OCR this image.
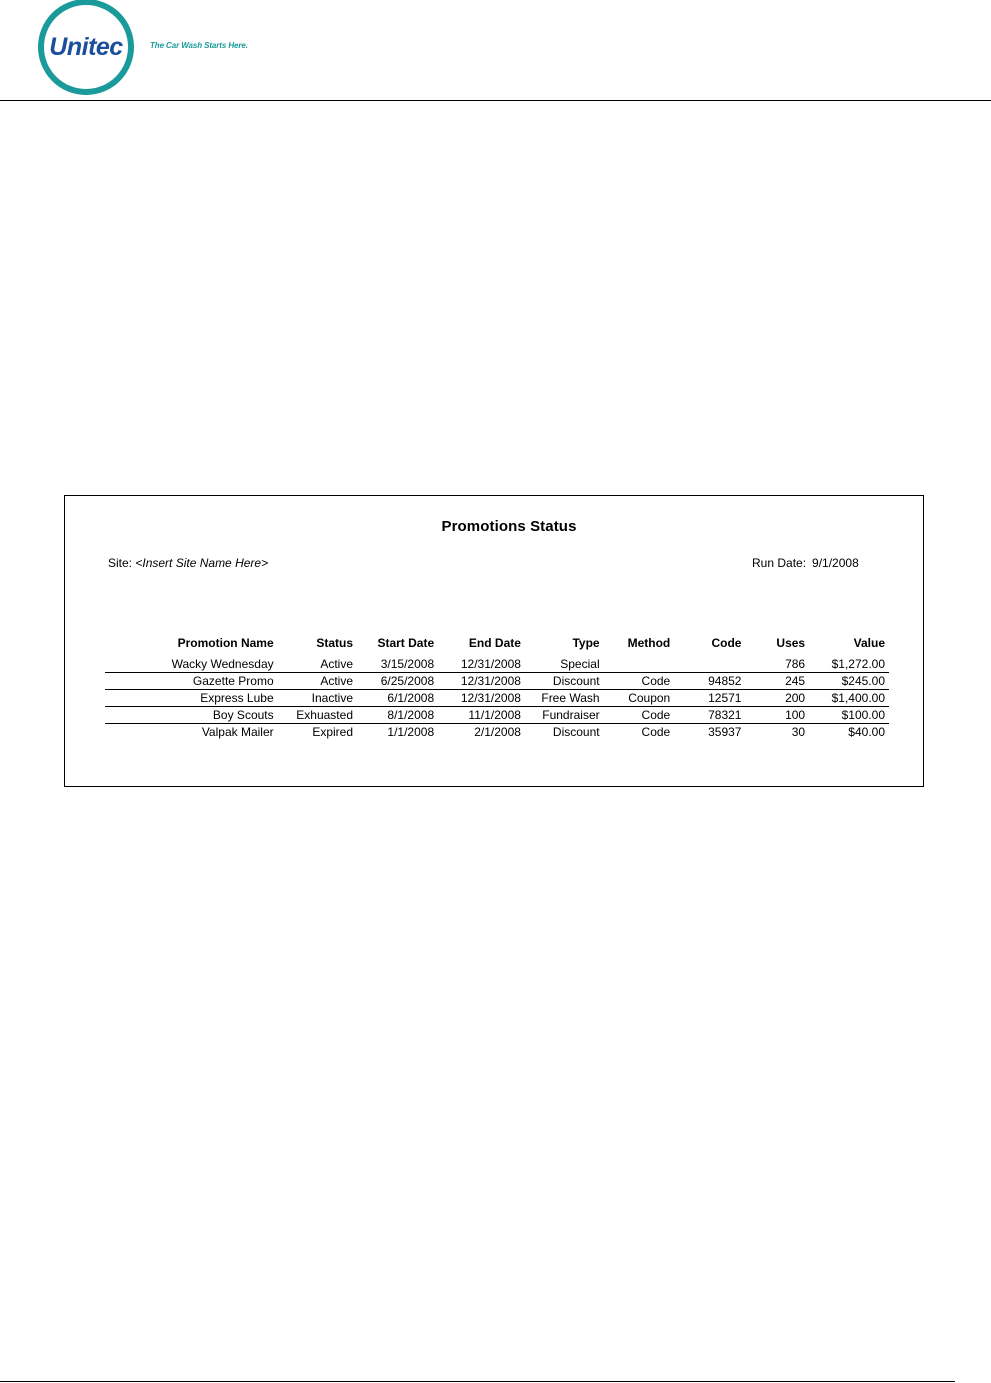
Unitec	The Car Wash Starts Here.
Promotions Status
Site: <Insert Site Name Here>	Run Date: 9/1/2008
Promotion Name	Status	Start Date	End Date	Type	Method	Code	Uses	Value
Wacky Wednesday	Active	3/15/2008	12/31/2008	Special			786	$1,272.00
Gazette Promo	Active	6/25/2008	12/31/2008	Discount	Code	94852	245	$245.00
Express Lube	Inactive	6/1/2008	12/31/2008	Free Wash	Coupon	12571	200	$1,400.00
Boy Scouts	Exhuasted	8/1/2008	11/1/2008	Fundraiser	Code	78321	100	$100.00
Valpak Mailer	Expired	1/1/2008	2/1/2008	Discount	Code	35937	30	$40.00
